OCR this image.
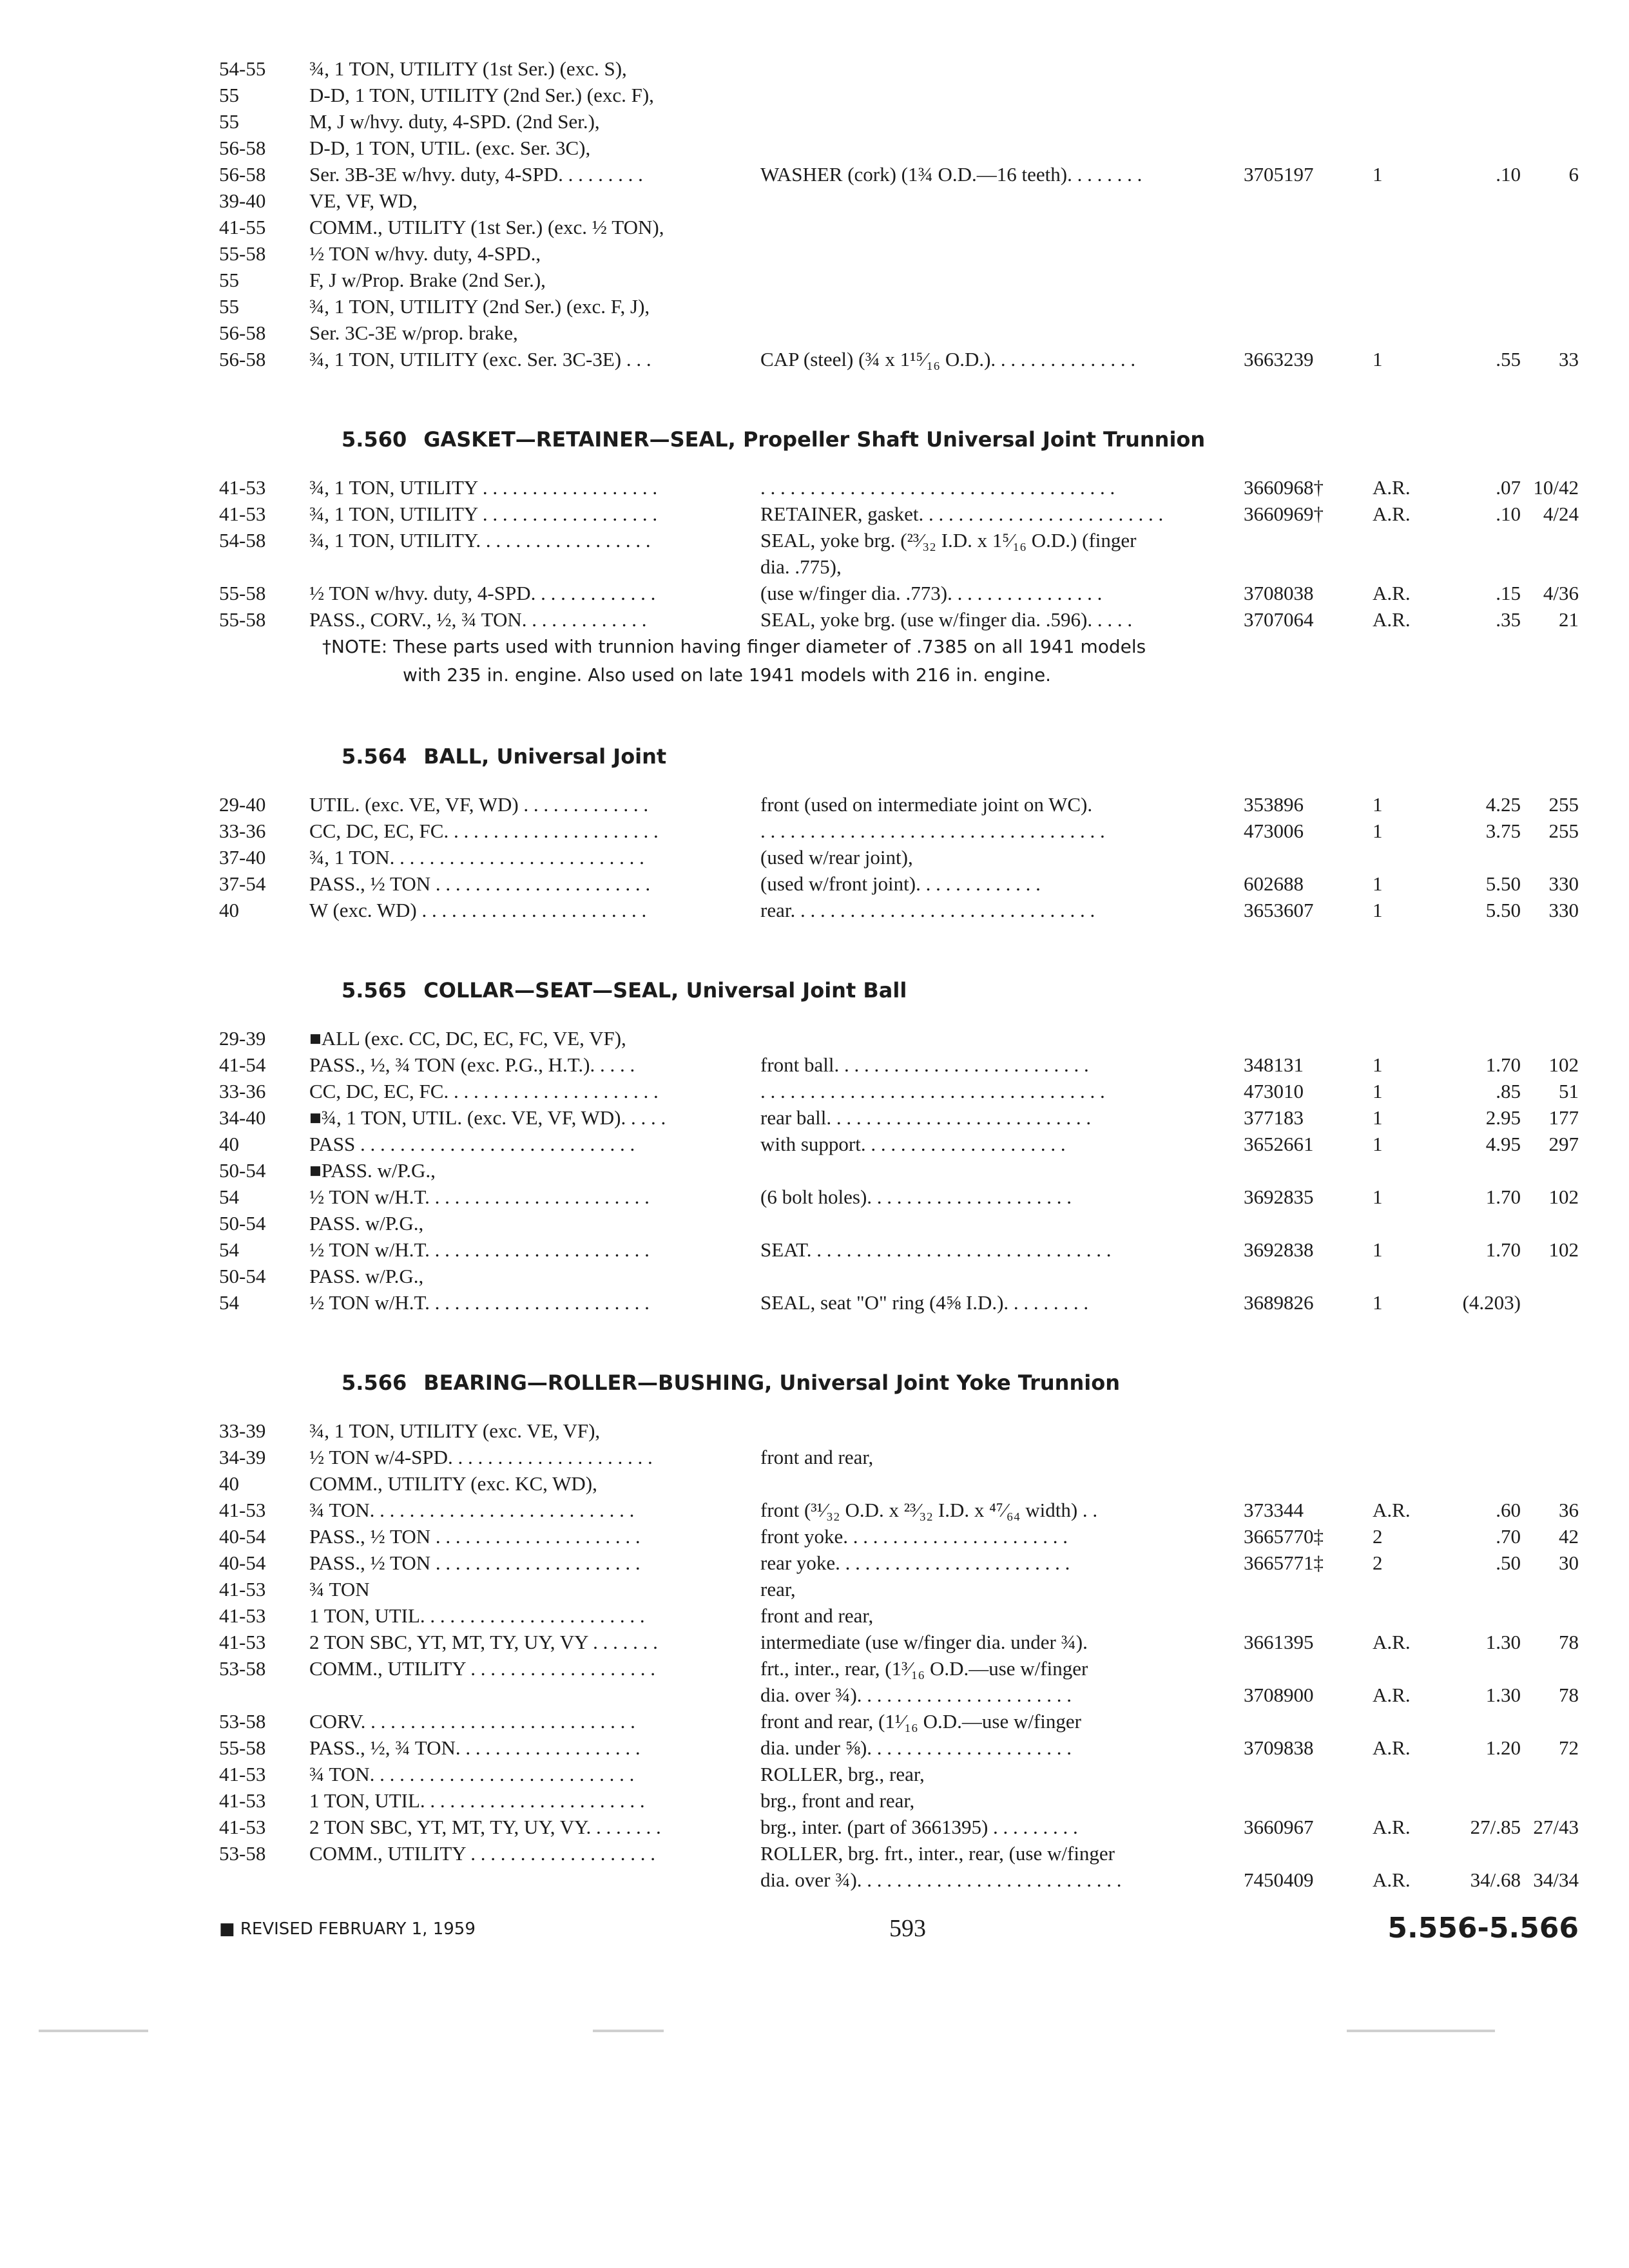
54-55	¾, 1 TON, UTILITY (1st Ser.) (exc. S),
55	D-D, 1 TON, UTILITY (2nd Ser.) (exc. F),
55	M, J w/hvy. duty, 4-SPD. (2nd Ser.),
56-58	D-D, 1 TON, UTIL. (exc. Ser. 3C),
56-58	Ser. 3B-3E w/hvy. duty, 4-SPD. . . . . . . . .	WASHER (cork) (1¾ O.D.—16 teeth). . . . . . . .	3705197	1	.10	6
39-40	VE, VF, WD,
41-55	COMM., UTILITY (1st Ser.) (exc. ½ TON),
55-58	½ TON w/hvy. duty, 4-SPD.,
55	F, J w/Prop. Brake (2nd Ser.),
55	¾, 1 TON, UTILITY (2nd Ser.) (exc. F, J),
56-58	Ser. 3C-3E w/prop. brake,
56-58	¾, 1 TON, UTILITY (exc. Ser. 3C-3E) . . .	CAP (steel) (¾ x 1¹⁵⁄₁₆ O.D.). . . . . . . . . . . . . . .	3663239	1	.55	33
5.560 GASKET—RETAINER—SEAL, Propeller Shaft Universal Joint Trunnion
41-53	¾, 1 TON, UTILITY . . . . . . . . . . . . . . . . . .	. . . . . . . . . . . . . . . . . . . . . . . . . . . . . . . . . . . .	3660968†	A.R.	.07 10/42
41-53	¾, 1 TON, UTILITY . . . . . . . . . . . . . . . . . .	RETAINER, gasket. . . . . . . . . . . . . . . . . . . . . . . . .	3660969†	A.R.	.10	4/24
54-58	¾, 1 TON, UTILITY. . . . . . . . . . . . . . . . . .	SEAL, yoke brg. (²³⁄₃₂ I.D. x 1⁵⁄₁₆ O.D.) (finger
dia. .775),
55-58	½ TON w/hvy. duty, 4-SPD. . . . . . . . . . . . .	(use w/finger dia. .773). . . . . . . . . . . . . . . .	3708038	A.R.	.15	4/36
55-58	PASS., CORV., ½, ¾ TON. . . . . . . . . . . . .	SEAL, yoke brg. (use w/finger dia. .596). . . . .	3707064	A.R.	.35	21
†NOTE: These parts used with trunnion having finger diameter of .7385 on all 1941 models
with 235 in. engine. Also used on late 1941 models with 216 in. engine.
5.564 BALL, Universal Joint
29-40	UTIL. (exc. VE, VF, WD) . . . . . . . . . . . . .	front (used on intermediate joint on WC).	353896	1	4.25	255
33-36	CC, DC, EC, FC. . . . . . . . . . . . . . . . . . . . . .	. . . . . . . . . . . . . . . . . . . . . . . . . . . . . . . . . . .	473006	1	3.75	255
37-40	¾, 1 TON. . . . . . . . . . . . . . . . . . . . . . . . . .	(used w/rear joint),
37-54	PASS., ½ TON . . . . . . . . . . . . . . . . . . . . . .	(used w/front joint). . . . . . . . . . . . .	602688	1	5.50	330
40	W (exc. WD) . . . . . . . . . . . . . . . . . . . . . . .	rear. . . . . . . . . . . . . . . . . . . . . . . . . . . . . . .	3653607	1	5.50	330
5.565 COLLAR—SEAT—SEAL, Universal Joint Ball
29-39	■ALL (exc. CC, DC, EC, FC, VE, VF),
41-54	PASS., ½, ¾ TON (exc. P.G., H.T.). . . . .	front ball. . . . . . . . . . . . . . . . . . . . . . . . . .	348131	1	1.70	102
33-36	CC, DC, EC, FC. . . . . . . . . . . . . . . . . . . . . .	. . . . . . . . . . . . . . . . . . . . . . . . . . . . . . . . . . .	473010	1	.85	51
34-40	■¾, 1 TON, UTIL. (exc. VE, VF, WD). . . . .	rear ball. . . . . . . . . . . . . . . . . . . . . . . . . . .	377183	1	2.95	177
40	PASS . . . . . . . . . . . . . . . . . . . . . . . . . . . .	with support. . . . . . . . . . . . . . . . . . . . .	3652661	1	4.95	297
50-54	■PASS. w/P.G.,
54	½ TON w/H.T. . . . . . . . . . . . . . . . . . . . . . .	(6 bolt holes). . . . . . . . . . . . . . . . . . . . .	3692835	1	1.70	102
50-54	PASS. w/P.G.,
54	½ TON w/H.T. . . . . . . . . . . . . . . . . . . . . . .	SEAT. . . . . . . . . . . . . . . . . . . . . . . . . . . . . . .	3692838	1	1.70	102
50-54	PASS. w/P.G.,
54	½ TON w/H.T. . . . . . . . . . . . . . . . . . . . . . .	SEAL, seat "O" ring (4⅝ I.D.). . . . . . . . .	3689826	1	(4.203)
5.566 BEARING—ROLLER—BUSHING, Universal Joint Yoke Trunnion
33-39	¾, 1 TON, UTILITY (exc. VE, VF),
34-39	½ TON w/4-SPD. . . . . . . . . . . . . . . . . . . . .	front and rear,
40	COMM., UTILITY (exc. KC, WD),
41-53	¾ TON. . . . . . . . . . . . . . . . . . . . . . . . . . .	front (³¹⁄₃₂ O.D. x ²³⁄₃₂ I.D. x ⁴⁷⁄₆₄ width) . .	373344	A.R.	.60	36
40-54	PASS., ½ TON . . . . . . . . . . . . . . . . . . . . .	front yoke. . . . . . . . . . . . . . . . . . . . . . .	3665770‡	2	.70	42
40-54	PASS., ½ TON . . . . . . . . . . . . . . . . . . . . .	rear yoke. . . . . . . . . . . . . . . . . . . . . . . .	3665771‡	2	.50	30
41-53	¾ TON	rear,
41-53	1 TON, UTIL. . . . . . . . . . . . . . . . . . . . . . .	front and rear,
41-53	2 TON SBC, YT, MT, TY, UY, VY . . . . . . .	intermediate (use w/finger dia. under ¾).	3661395	A.R.	1.30	78
53-58	COMM., UTILITY . . . . . . . . . . . . . . . . . . .	frt., inter., rear, (1³⁄₁₆ O.D.—use w/finger
dia. over ¾). . . . . . . . . . . . . . . . . . . . . .	3708900	A.R.	1.30	78
53-58	CORV. . . . . . . . . . . . . . . . . . . . . . . . . . . .	front and rear, (1¹⁄₁₆ O.D.—use w/finger
55-58	PASS., ½, ¾ TON. . . . . . . . . . . . . . . . . . .	dia. under ⅝). . . . . . . . . . . . . . . . . . . . .	3709838	A.R.	1.20	72
41-53	¾ TON. . . . . . . . . . . . . . . . . . . . . . . . . . .	ROLLER, brg., rear,
41-53	1 TON, UTIL. . . . . . . . . . . . . . . . . . . . . . .	brg., front and rear,
41-53	2 TON SBC, YT, MT, TY, UY, VY. . . . . . . .	brg., inter. (part of 3661395) . . . . . . . . .	3660967	A.R.	27/.85 27/43
53-58	COMM., UTILITY . . . . . . . . . . . . . . . . . . .	ROLLER, brg. frt., inter., rear, (use w/finger
dia. over ¾). . . . . . . . . . . . . . . . . . . . . . . . . . .	7450409	A.R.	34/.68 34/34
■ REVISED FEBRUARY 1, 1959	593	5.556-5.566
